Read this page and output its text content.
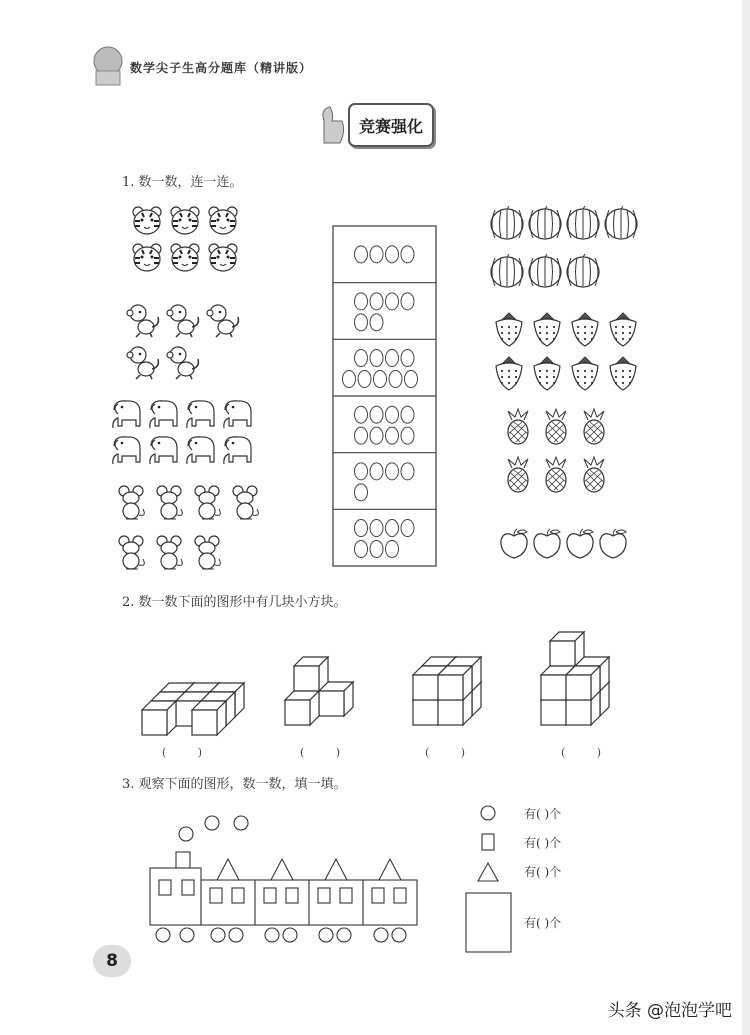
数学尖子生高分题库（精讲版）
竞赛强化
1. 数一数，连一连。
2. 数一数下面的图形中有几块小方块。
3. 观察下面的图形，数一数，填一填。
( )	( )	( )	( )
有( )个
有( )个
有( )个
有( )个
8
头条 @泡泡学吧
